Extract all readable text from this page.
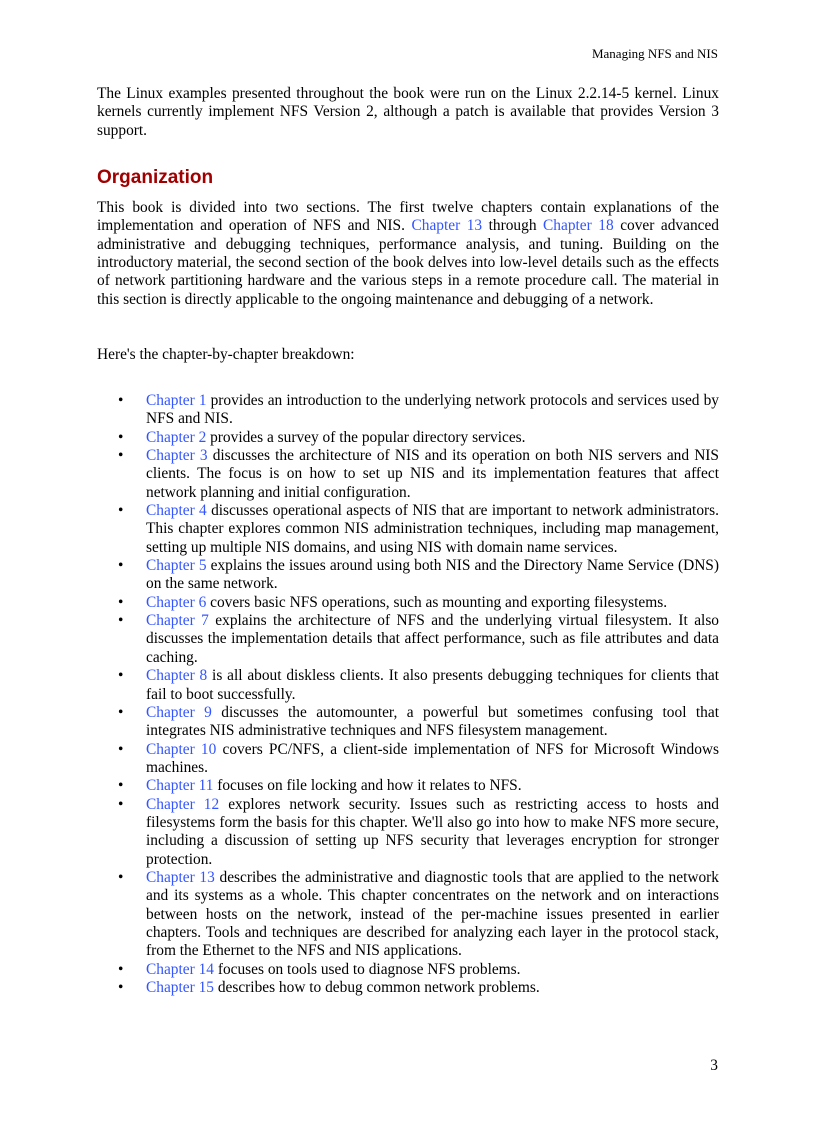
Managing NFS and NIS

The Linux examples presented throughout the book were run on the Linux 2.2.14-5 kernel. Linux kernels currently implement NFS Version 2, although a patch is available that provides Version 3 support.

Organization

This book is divided into two sections. The first twelve chapters contain explanations of the implementation and operation of NFS and NIS. Chapter 13 through Chapter 18 cover advanced administrative and debugging techniques, performance analysis, and tuning. Building on the introductory material, the second section of the book delves into low-level details such as the effects of network partitioning hardware and the various steps in a remote procedure call. The material in this section is directly applicable to the ongoing maintenance and debugging of a network.

Here's the chapter-by-chapter breakdown:

• Chapter 1 provides an introduction to the underlying network protocols and services used by NFS and NIS.
• Chapter 2 provides a survey of the popular directory services.
• Chapter 3 discusses the architecture of NIS and its operation on both NIS servers and NIS clients. The focus is on how to set up NIS and its implementation features that affect network planning and initial configuration.
• Chapter 4 discusses operational aspects of NIS that are important to network administrators. This chapter explores common NIS administration techniques, including map management, setting up multiple NIS domains, and using NIS with domain name services.
• Chapter 5 explains the issues around using both NIS and the Directory Name Service (DNS) on the same network.
• Chapter 6 covers basic NFS operations, such as mounting and exporting filesystems.
• Chapter 7 explains the architecture of NFS and the underlying virtual filesystem. It also discusses the implementation details that affect performance, such as file attributes and data caching.
• Chapter 8 is all about diskless clients. It also presents debugging techniques for clients that fail to boot successfully.
• Chapter 9 discusses the automounter, a powerful but sometimes confusing tool that integrates NIS administrative techniques and NFS filesystem management.
• Chapter 10 covers PC/NFS, a client-side implementation of NFS for Microsoft Windows machines.
• Chapter 11 focuses on file locking and how it relates to NFS.
• Chapter 12 explores network security. Issues such as restricting access to hosts and filesystems form the basis for this chapter. We'll also go into how to make NFS more secure, including a discussion of setting up NFS security that leverages encryption for stronger protection.
• Chapter 13 describes the administrative and diagnostic tools that are applied to the network and its systems as a whole. This chapter concentrates on the network and on interactions between hosts on the network, instead of the per-machine issues presented in earlier chapters. Tools and techniques are described for analyzing each layer in the protocol stack, from the Ethernet to the NFS and NIS applications.
• Chapter 14 focuses on tools used to diagnose NFS problems.
• Chapter 15 describes how to debug common network problems.
3
